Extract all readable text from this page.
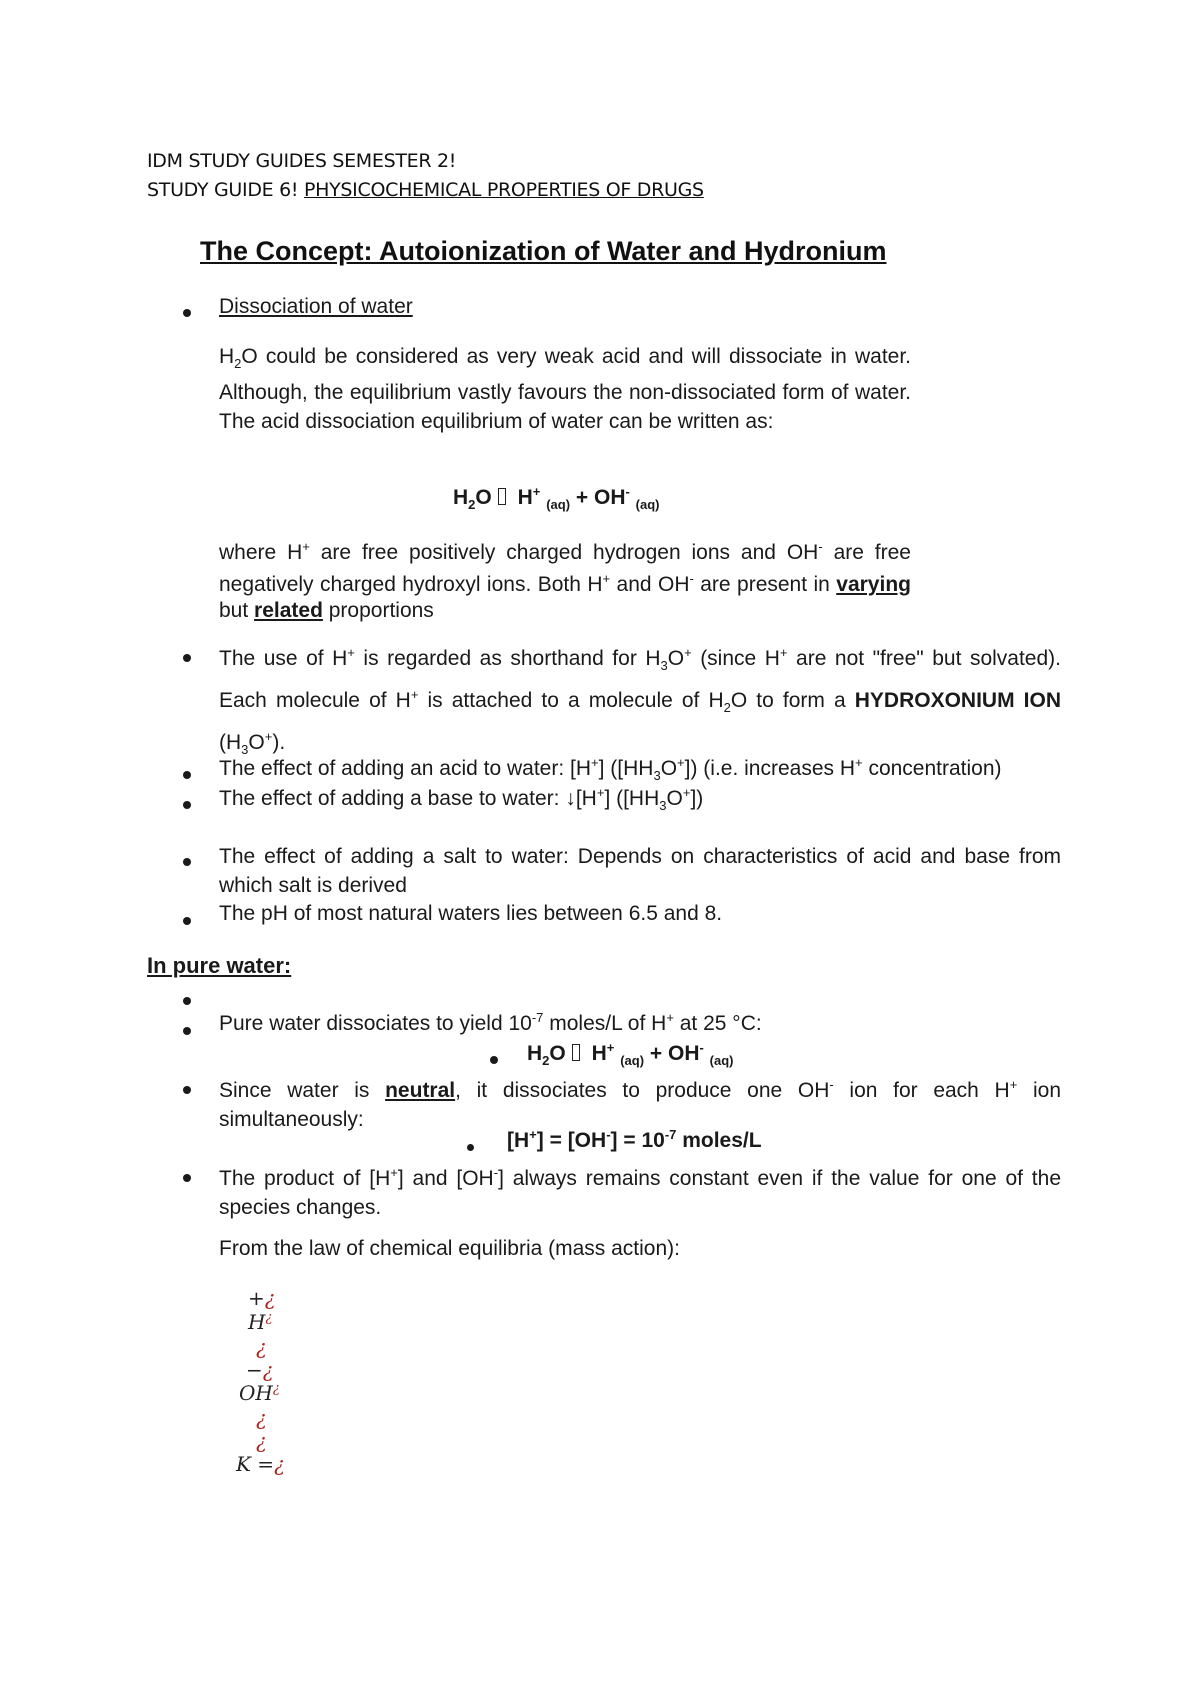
IDM STUDY GUIDES SEMESTER 2!
STUDY GUIDE 6! PHYSICOCHEMICAL PROPERTIES OF DRUGS
The Concept: Autoionization of Water and Hydronium
Dissociation of water
$H_2O$ could be considered as very weak acid and will dissociate in water. Although, the equilibrium vastly favours the non-dissociated form of water. The acid dissociation equilibrium of water can be written as:
$H_2O$ H+ $_{(aq)}$ + OH- $_{(aq)}$
where H+ are free positively charged hydrogen ions and OH- are free negatively charged hydroxyl ions. Both H+ and OH- are present in varying but related proportions
The use of H+ is regarded as shorthand for $H_3O^+$ (since H+ are not "free" but solvated). Each molecule of H+ is attached to a molecule of $H_2O$ to form a HYDROXONIUM ION $(H_3O^+)$.
The effect of adding an acid to water: [H+] $([HH_3O^+])$ (i.e. increases H+ concentration)
The effect of adding a base to water: ↓[H+] $([HH_3O^+])$
The effect of adding a salt to water: Depends on characteristics of acid and base from which salt is derived
The pH of most natural waters lies between 6.5 and 8.
In pure water:
Pure water dissociates to yield $10^{-7}$ moles/L of H+ at 25 °C:
$H_2O$ H+ $_{(aq)}$ + OH- $_{(aq)}$
Since water is neutral, it dissociates to produce one OH- ion for each H+ ion simultaneously:
$[H^+] = [OH^-] = 10^{-7}$ moles/L
The product of [H+] and [OH-] always remains constant even if the value for one of the species changes.
From the law of chemical equilibria (mass action):
+¿
H¿
¿
−¿
OH¿
¿
¿
K =¿
